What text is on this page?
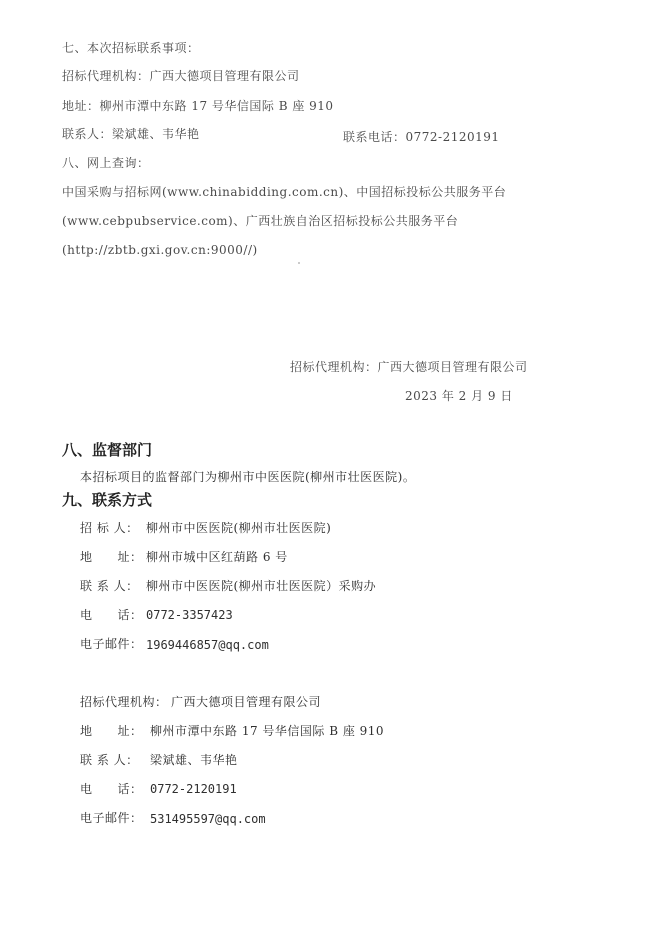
七、本次招标联系事项：
招标代理机构：广西大德项目管理有限公司
地址：柳州市潭中东路 17 号华信国际 B 座 910
联系人：梁斌雄、韦华艳	联系电话：0772-2120191
八、网上查询：
中国采购与招标网(www.chinabidding.com.cn)、中国招标投标公共服务平台
(www.cebpubservice.com)、广西壮族自治区招标投标公共服务平台
(http://zbtb.gxi.gov.cn:9000//)
招标代理机构：广西大德项目管理有限公司
2023 年 2 月 9 日
八、监督部门
本招标项目的监督部门为柳州市中医医院(柳州市壮医医院)。
九、联系方式
招 标 人： 柳州市中医医院(柳州市壮医医院)
地　　址： 柳州市城中区红葫路 6 号
联 系 人： 柳州市中医医院(柳州市壮医医院）采购办
电　　话： 0772-3357423
电子邮件： 1969446857@qq.com
招标代理机构： 广西大德项目管理有限公司
地　　址： 柳州市潭中东路 17 号华信国际 B 座 910
联 系 人： 梁斌雄、韦华艳
电　　话： 0772-2120191
电子邮件： 531495597@qq.com
